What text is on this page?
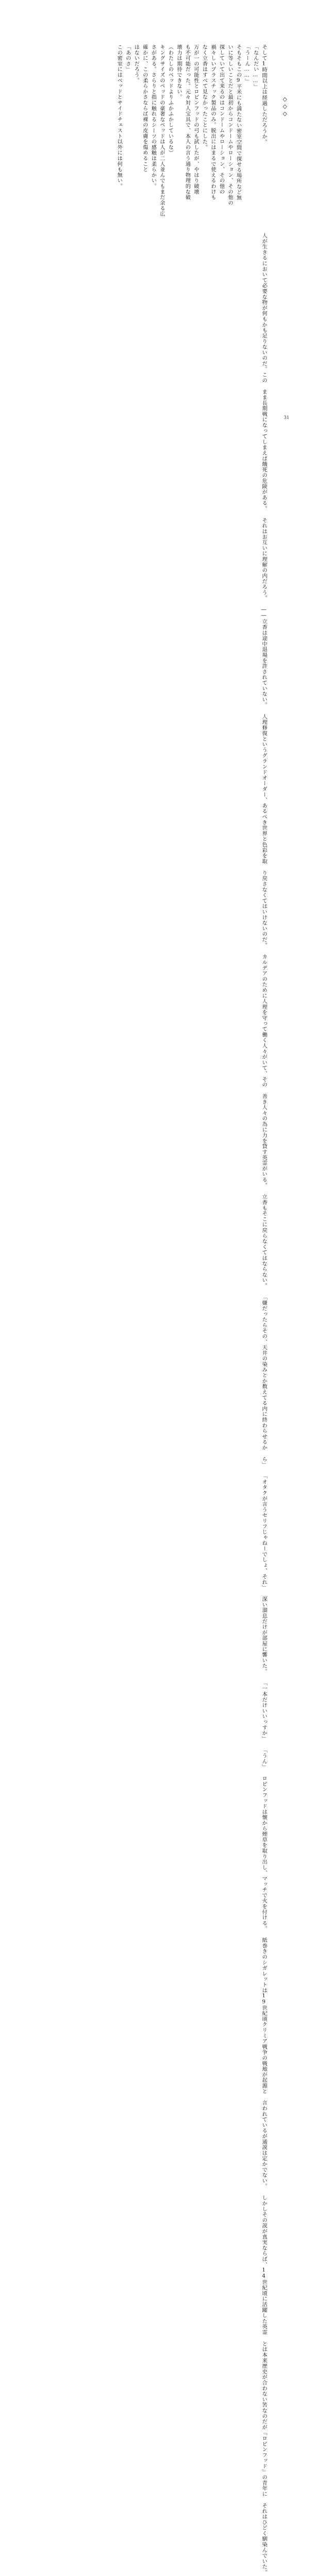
そして1時間以上は経過しただろうか。
「なんだい……」
「うーん……」
そもそもこの9平米にも満たない密室空間で探せる場所など無
いに等しいことだと最初からコンドームやローション、その他の
探していて出て来るのはコンドームやローション、その他の
禍々しいプラスチック製品のみ。脱出にはまるで使えるわけも
なく立香はすべて見なかったことにした。
万が一の可能性とロビンフッドの弓も試したが、やはり破壊
も不可能だった。元々対人宝具で、本人の言う通り物理的な破
壊力は期待できない。
（わたしのベッドよりふかふかしているな）
キングサイズのベッドの豪奢なベッドは人が二人並んでもまだ余る広
さがある。さらりと指に触れるシーツの感触は柔らかい。
確かに、この柔らかさならば裸の皮膚を傷めること
はないだろう。
「あのさ」
この密室にはベッドとサイドチェスト以外には何も無い。	◇◇◇
人が生きるにおいて必要な物が何もかも足りないのだ。この まま長期戦になってしまえば餓死の危険がある。 それはお互いに理解の内だろう。 ――立香は途中退場を許されていない。 人理修復というグランドオーダー、あるべき世界と色彩を取 り戻さなくてはいけないのだ。 カルデアのために人理を守って働く人々がいて、その 善き人々の為に力を貸す英霊がいる。 立香もそこに戻らなくてはならない。 「嫌だったらその、天井の染みとか数えてる内に終わらせるか ら」 「オタクが言うセリフじゃねーでしょ、それ」 深い溜息だけが部屋に響いた。 「一本だけいいっすか」 「うん」 ロビンフッドは懐から煙草を取り出し、マッチで火を付ける。 紙巻きのシガレットは19世紀頃クリミア戦争の戦地が起源と 言われているが通説は定かでない。 しかしその説が真実ならば、14世紀頃に活躍した英霊 とは本来歴史が合わない筈なのだが『ロビンフッド』の青年に それはひどく馴染んでいた。
31
